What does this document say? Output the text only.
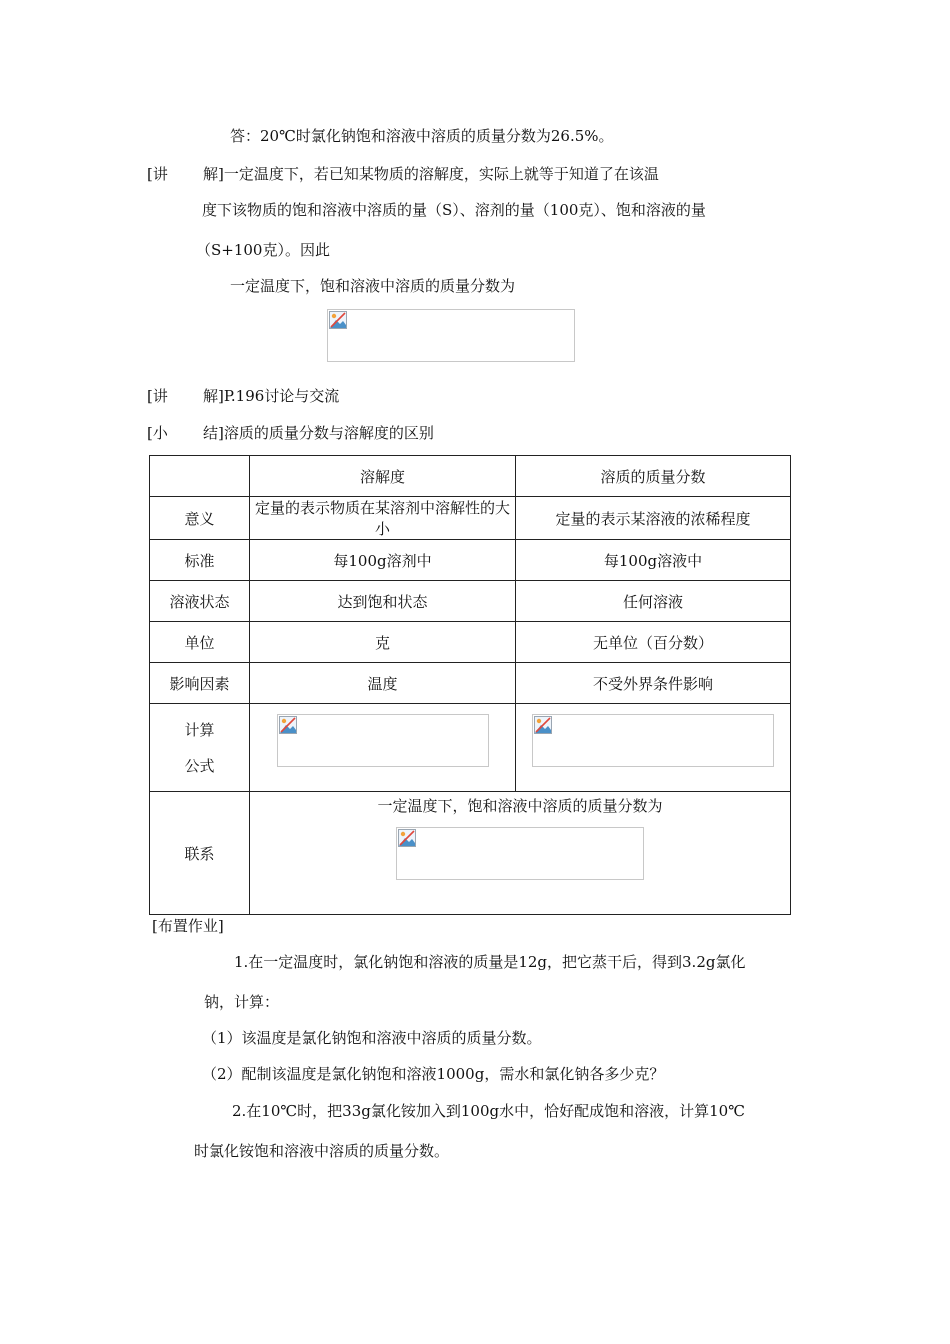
答：20℃时氯化钠饱和溶液中溶质的质量分数为26.5%。
[讲 解]一定温度下，若已知某物质的溶解度，实际上就等于知道了在该温
度下该物质的饱和溶液中溶质的量（S）、溶剂的量（100克）、饱和溶液的量
（S+100克）。因此
一定温度下，饱和溶液中溶质的质量分数为
[讲 解]P.196讨论与交流
[小 结]溶质的质量分数与溶解度的区别
	溶解度	溶质的质量分数
意义	定量的表示物质在某溶剂中溶解性的大小	定量的表示某溶液的浓稀程度
标准	每100g溶剂中	每100g溶液中
溶液状态	达到饱和状态	任何溶液
单位	克	无单位（百分数）
影响因素	温度	不受外界条件影响

计算
公式

联系	一定温度下，饱和溶液中溶质的质量分数为	
[布置作业]
1.在一定温度时，氯化钠饱和溶液的质量是12g，把它蒸干后，得到3.2g氯化
钠，计算：
（1）该温度是氯化钠饱和溶液中溶质的质量分数。
（2）配制该温度是氯化钠饱和溶液1000g，需水和氯化钠各多少克？
2.在10℃时，把33g氯化铵加入到100g水中，恰好配成饱和溶液，计算10℃
时氯化铵饱和溶液中溶质的质量分数。
